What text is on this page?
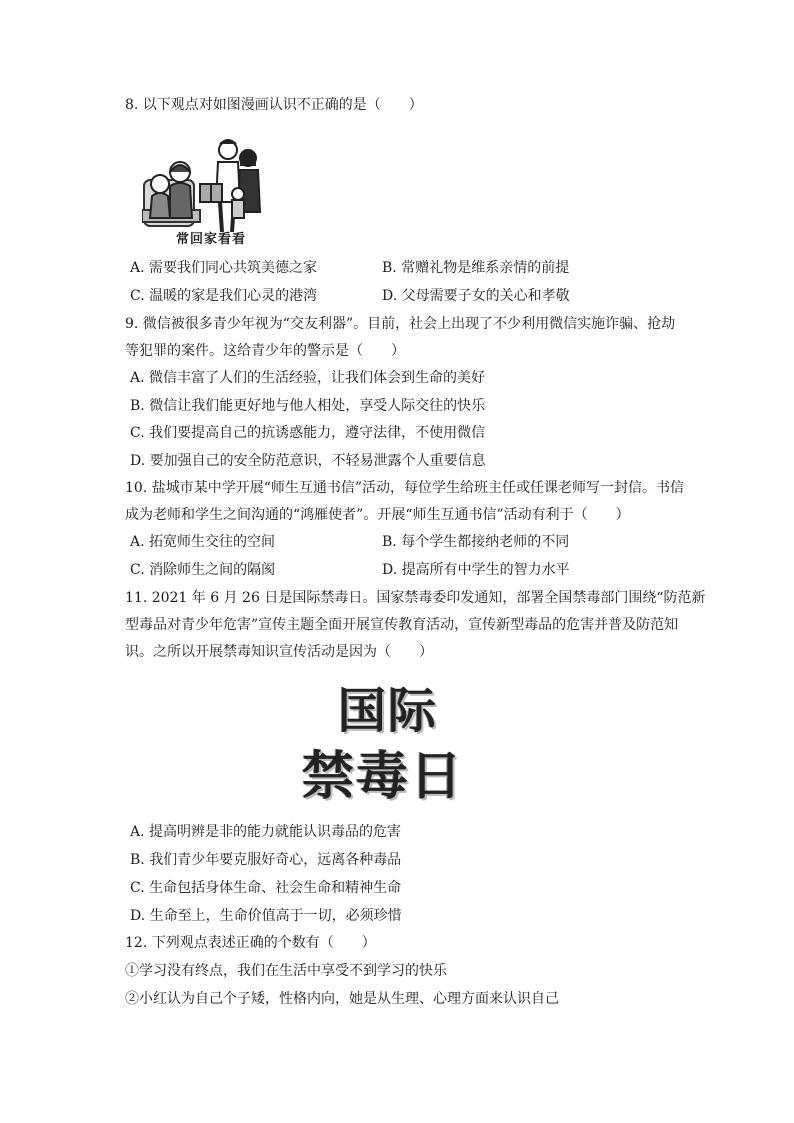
8. 以下观点对如图漫画认识不正确的是（　　）
常回家看看
A. 需要我们同心共筑美德之家	B. 常赠礼物是维系亲情的前提
C. 温暖的家是我们心灵的港湾	D. 父母需要子女的关心和孝敬
9. 微信被很多青少年视为“交友利器”。目前，社会上出现了不少利用微信实施诈骗、抢劫
等犯罪的案件。这给青少年的警示是（　　）
A. 微信丰富了人们的生活经验，让我们体会到生命的美好
B. 微信让我们能更好地与他人相处，享受人际交往的快乐
C. 我们要提高自己的抗诱惑能力，遵守法律，不使用微信
D. 要加强自己的安全防范意识，不轻易泄露个人重要信息
10. 盐城市某中学开展“师生互通书信”活动，每位学生给班主任或任课老师写一封信。书信
成为老师和学生之间沟通的“鸿雁使者”。开展“师生互通书信”活动有利于（　　）
A. 拓宽师生交往的空间	B. 每个学生都接纳老师的不同
C. 消除师生之间的隔阂	D. 提高所有中学生的智力水平
11. 2021 年 6 月 26 日是国际禁毒日。国家禁毒委印发通知，部署全国禁毒部门围绕“防范新
型毒品对青少年危害”宣传主题全面开展宣传教育活动，宣传新型毒品的危害并普及防范知
识。之所以开展禁毒知识宣传活动是因为（　　）
国际
禁毒日
A. 提高明辨是非的能力就能认识毒品的危害
B. 我们青少年要克服好奇心，远离各种毒品
C. 生命包括身体生命、社会生命和精神生命
D. 生命至上，生命价值高于一切，必须珍惜
12. 下列观点表述正确的个数有（　　）
①学习没有终点，我们在生活中享受不到学习的快乐
②小红认为自己个子矮，性格内向，她是从生理、心理方面来认识自己
